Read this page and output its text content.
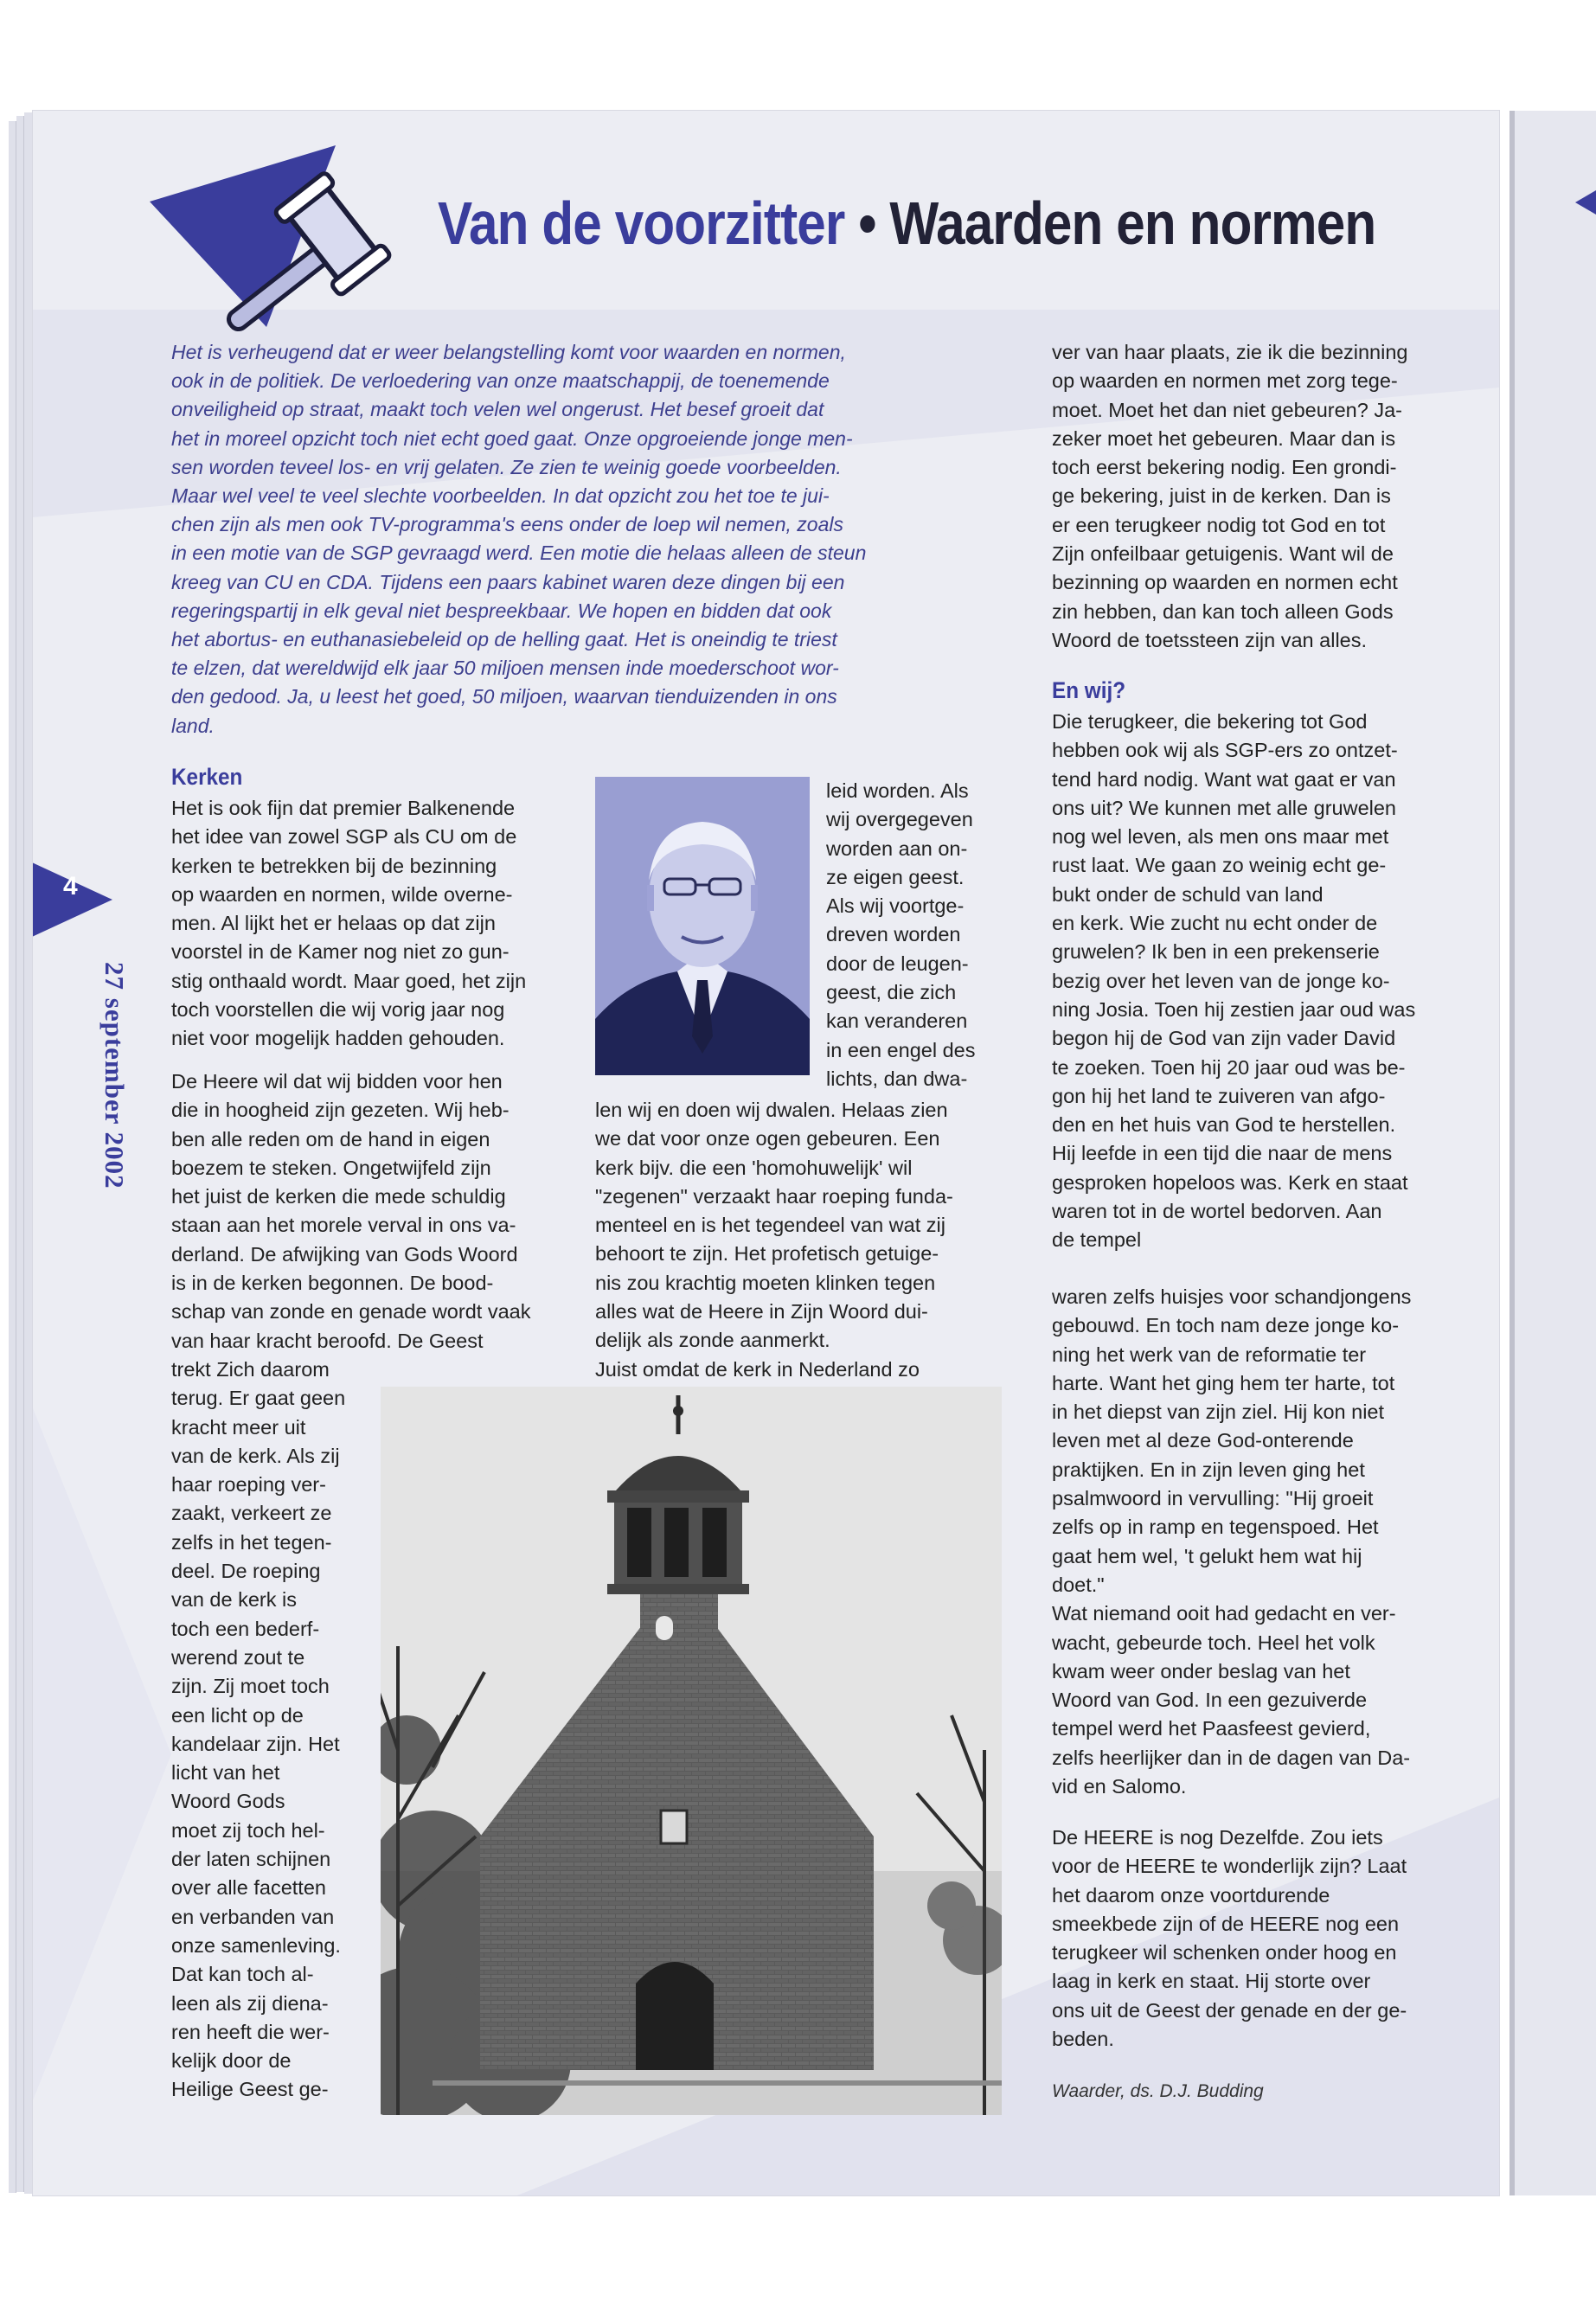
Van de voorzitter • Waarden en normen
4
27 september 2002

Het is verheugend dat er weer belangstelling komt voor waarden en normen,

ook in de politiek. De verloedering van onze maatschappij, de toenemende

onveiligheid op straat, maakt toch velen wel ongerust. Het besef groeit dat

het in moreel opzicht toch niet echt goed gaat. Onze opgroeiende jonge men-

sen worden teveel los- en vrij gelaten. Ze zien te weinig goede voorbeelden.

Maar wel veel te veel slechte voorbeelden. In dat opzicht zou het toe te jui-

chen zijn als men ook TV-programma's eens onder de loep wil nemen, zoals

in een motie van de SGP gevraagd werd. Een motie die helaas alleen de steun

kreeg van CU en CDA. Tijdens een paars kabinet waren deze dingen bij een

regeringspartij in elk geval niet bespreekbaar. We hopen en bidden dat ook

het abortus- en euthanasiebeleid op de helling gaat. Het is oneindig te triest

te elzen, dat wereldwijd elk jaar 50 miljoen mensen inde moederschoot wor-

den gedood. Ja, u leest het goed, 50 miljoen, waarvan tienduizenden in ons

land.

Kerken
Het is ook fijn dat premier Balkenende
het idee van zowel SGP als CU om de
kerken te betrekken bij de bezinning
op waarden en normen, wilde overne-
men. Al lijkt het er helaas op dat zijn
voorstel in de Kamer nog niet zo gun-
stig onthaald wordt. Maar goed, het zijn
toch voorstellen die wij vorig jaar nog
niet voor mogelijk hadden gehouden.
De Heere wil dat wij bidden voor hen
die in hoogheid zijn gezeten. Wij heb-
ben alle reden om de hand in eigen
boezem te steken. Ongetwijfeld zijn
het juist de kerken die mede schuldig
staan aan het morele verval in ons va-
derland. De afwijking van Gods Woord
is in de kerken begonnen. De bood-
schap van zonde en genade wordt vaak
van haar kracht beroofd. De Geest
trekt Zich daarom
terug. Er gaat geen
kracht meer uit
van de kerk. Als zij
haar roeping ver-
zaakt, verkeert ze
zelfs in het tegen-
deel. De roeping
van de kerk is
toch een bederf-
werend zout te
zijn. Zij moet toch
een licht op de
kandelaar zijn. Het
licht van het
Woord Gods
moet zij toch hel-
der laten schijnen
over alle facetten
en verbanden van
onze samenleving.
Dat kan toch al-
leen als zij diena-
ren heeft die wer-
kelijk door de
Heilige Geest ge-
leid worden. Als
wij overgegeven
worden aan on-
ze eigen geest.
Als wij voortge-
dreven worden
door de leugen-
geest, die zich
kan veranderen
in een engel des
lichts, dan dwa-
len wij en doen wij dwalen. Helaas zien
we dat voor onze ogen gebeuren. Een
kerk bijv. die een 'homohuwelijk' wil
"zegenen" verzaakt haar roeping funda-
menteel en is het tegendeel van wat zij
behoort te zijn. Het profetisch getuige-
nis zou krachtig moeten klinken tegen
alles wat de Heere in Zijn Woord dui-
delijk als zonde aanmerkt.
Juist omdat de kerk in Nederland zo
ver van haar plaats, zie ik die bezinning
op waarden en normen met zorg tege-
moet. Moet het dan niet gebeuren? Ja-
zeker moet het gebeuren. Maar dan is
toch eerst bekering nodig. Een grondi-
ge bekering, juist in de kerken. Dan is
er een terugkeer nodig tot God en tot
Zijn onfeilbaar getuigenis. Want wil de
bezinning op waarden en normen echt
zin hebben, dan kan toch alleen Gods
Woord de toetssteen zijn van alles.
En wij?
Die terugkeer, die bekering tot God
hebben ook wij als SGP-ers zo ontzet-
tend hard nodig. Want wat gaat er van
ons uit? We kunnen met alle gruwelen
nog wel leven, als men ons maar met
rust laat. We gaan zo weinig echt ge-
bukt onder de schuld van land
en kerk. Wie zucht nu echt onder de
gruwelen? Ik ben in een prekenserie
bezig over het leven van de jonge ko-
ning Josia. Toen hij zestien jaar oud was
begon hij de God van zijn vader David
te zoeken. Toen hij 20 jaar oud was be-
gon hij het land te zuiveren van afgo-
den en het huis van God te herstellen.
Hij leefde in een tijd die naar de mens
gesproken hopeloos was. Kerk en staat
waren tot in de wortel bedorven. Aan
de tempel
waren zelfs huisjes voor schandjongens
gebouwd. En toch nam deze jonge ko-
ning het werk van de reformatie ter
harte. Want het ging hem ter harte, tot
in het diepst van zijn ziel. Hij kon niet
leven met al deze God-onterende
praktijken. En in zijn leven ging het
psalmwoord in vervulling: "Hij groeit
zelfs op in ramp en tegenspoed. Het
gaat hem wel, 't gelukt hem wat hij
doet."
Wat niemand ooit had gedacht en ver-
wacht, gebeurde toch. Heel het volk
kwam weer onder beslag van het
Woord van God. In een gezuiverde
tempel werd het Paasfeest gevierd,
zelfs heerlijker dan in de dagen van Da-
vid en Salomo.
De HEERE is nog Dezelfde. Zou iets
voor de HEERE te wonderlijk zijn? Laat
het daarom onze voortdurende
smeekbede zijn of de HEERE nog een
terugkeer wil schenken onder hoog en
laag in kerk en staat. Hij storte over
ons uit de Geest der genade en der ge-
beden.
Waarder, ds. D.J. Budding
